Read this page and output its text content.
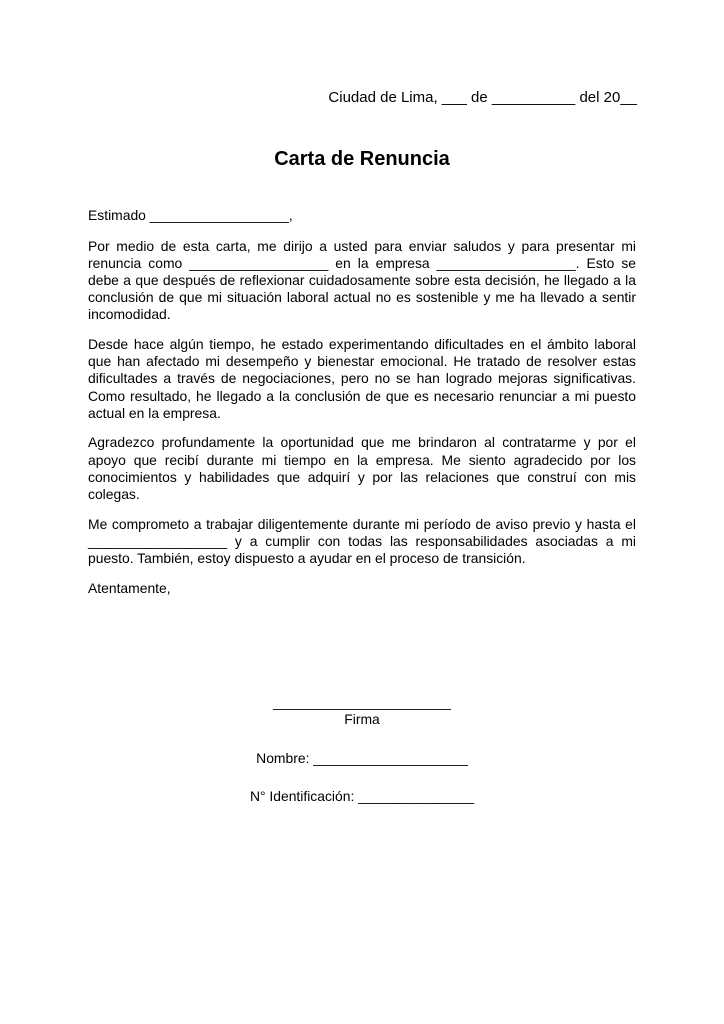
Ciudad de Lima, ___ de __________ del 20__
Carta de Renuncia

Estimado __________________,

Por medio de esta carta, me dirijo a usted para enviar saludos y para presentar mi renuncia como __________________ en la empresa __________________. Esto se debe a que después de reflexionar cuidadosamente sobre esta decisión, he llegado a la conclusión de que mi situación laboral actual no es sostenible y me ha llevado a sentir incomodidad.

Desde hace algún tiempo, he estado experimentando dificultades en el ámbito laboral que han afectado mi desempeño y bienestar emocional. He tratado de resolver estas dificultades a través de negociaciones, pero no se han logrado mejoras significativas. Como resultado, he llegado a la conclusión de que es necesario renunciar a mi puesto actual en la empresa.

Agradezco profundamente la oportunidad que me brindaron al contratarme y por el apoyo que recibí durante mi tiempo en la empresa. Me siento agradecido por los conocimientos y habilidades que adquirí y por las relaciones que construí con mis colegas.

Me comprometo a trabajar diligentemente durante mi período de aviso previo y hasta el __________________ y a cumplir con todas las responsabilidades asociadas a mi puesto. También, estoy dispuesto a ayudar en el proceso de transición.

Atentamente,

_______________________
Firma
Nombre: ____________________
N° Identificación: _______________
